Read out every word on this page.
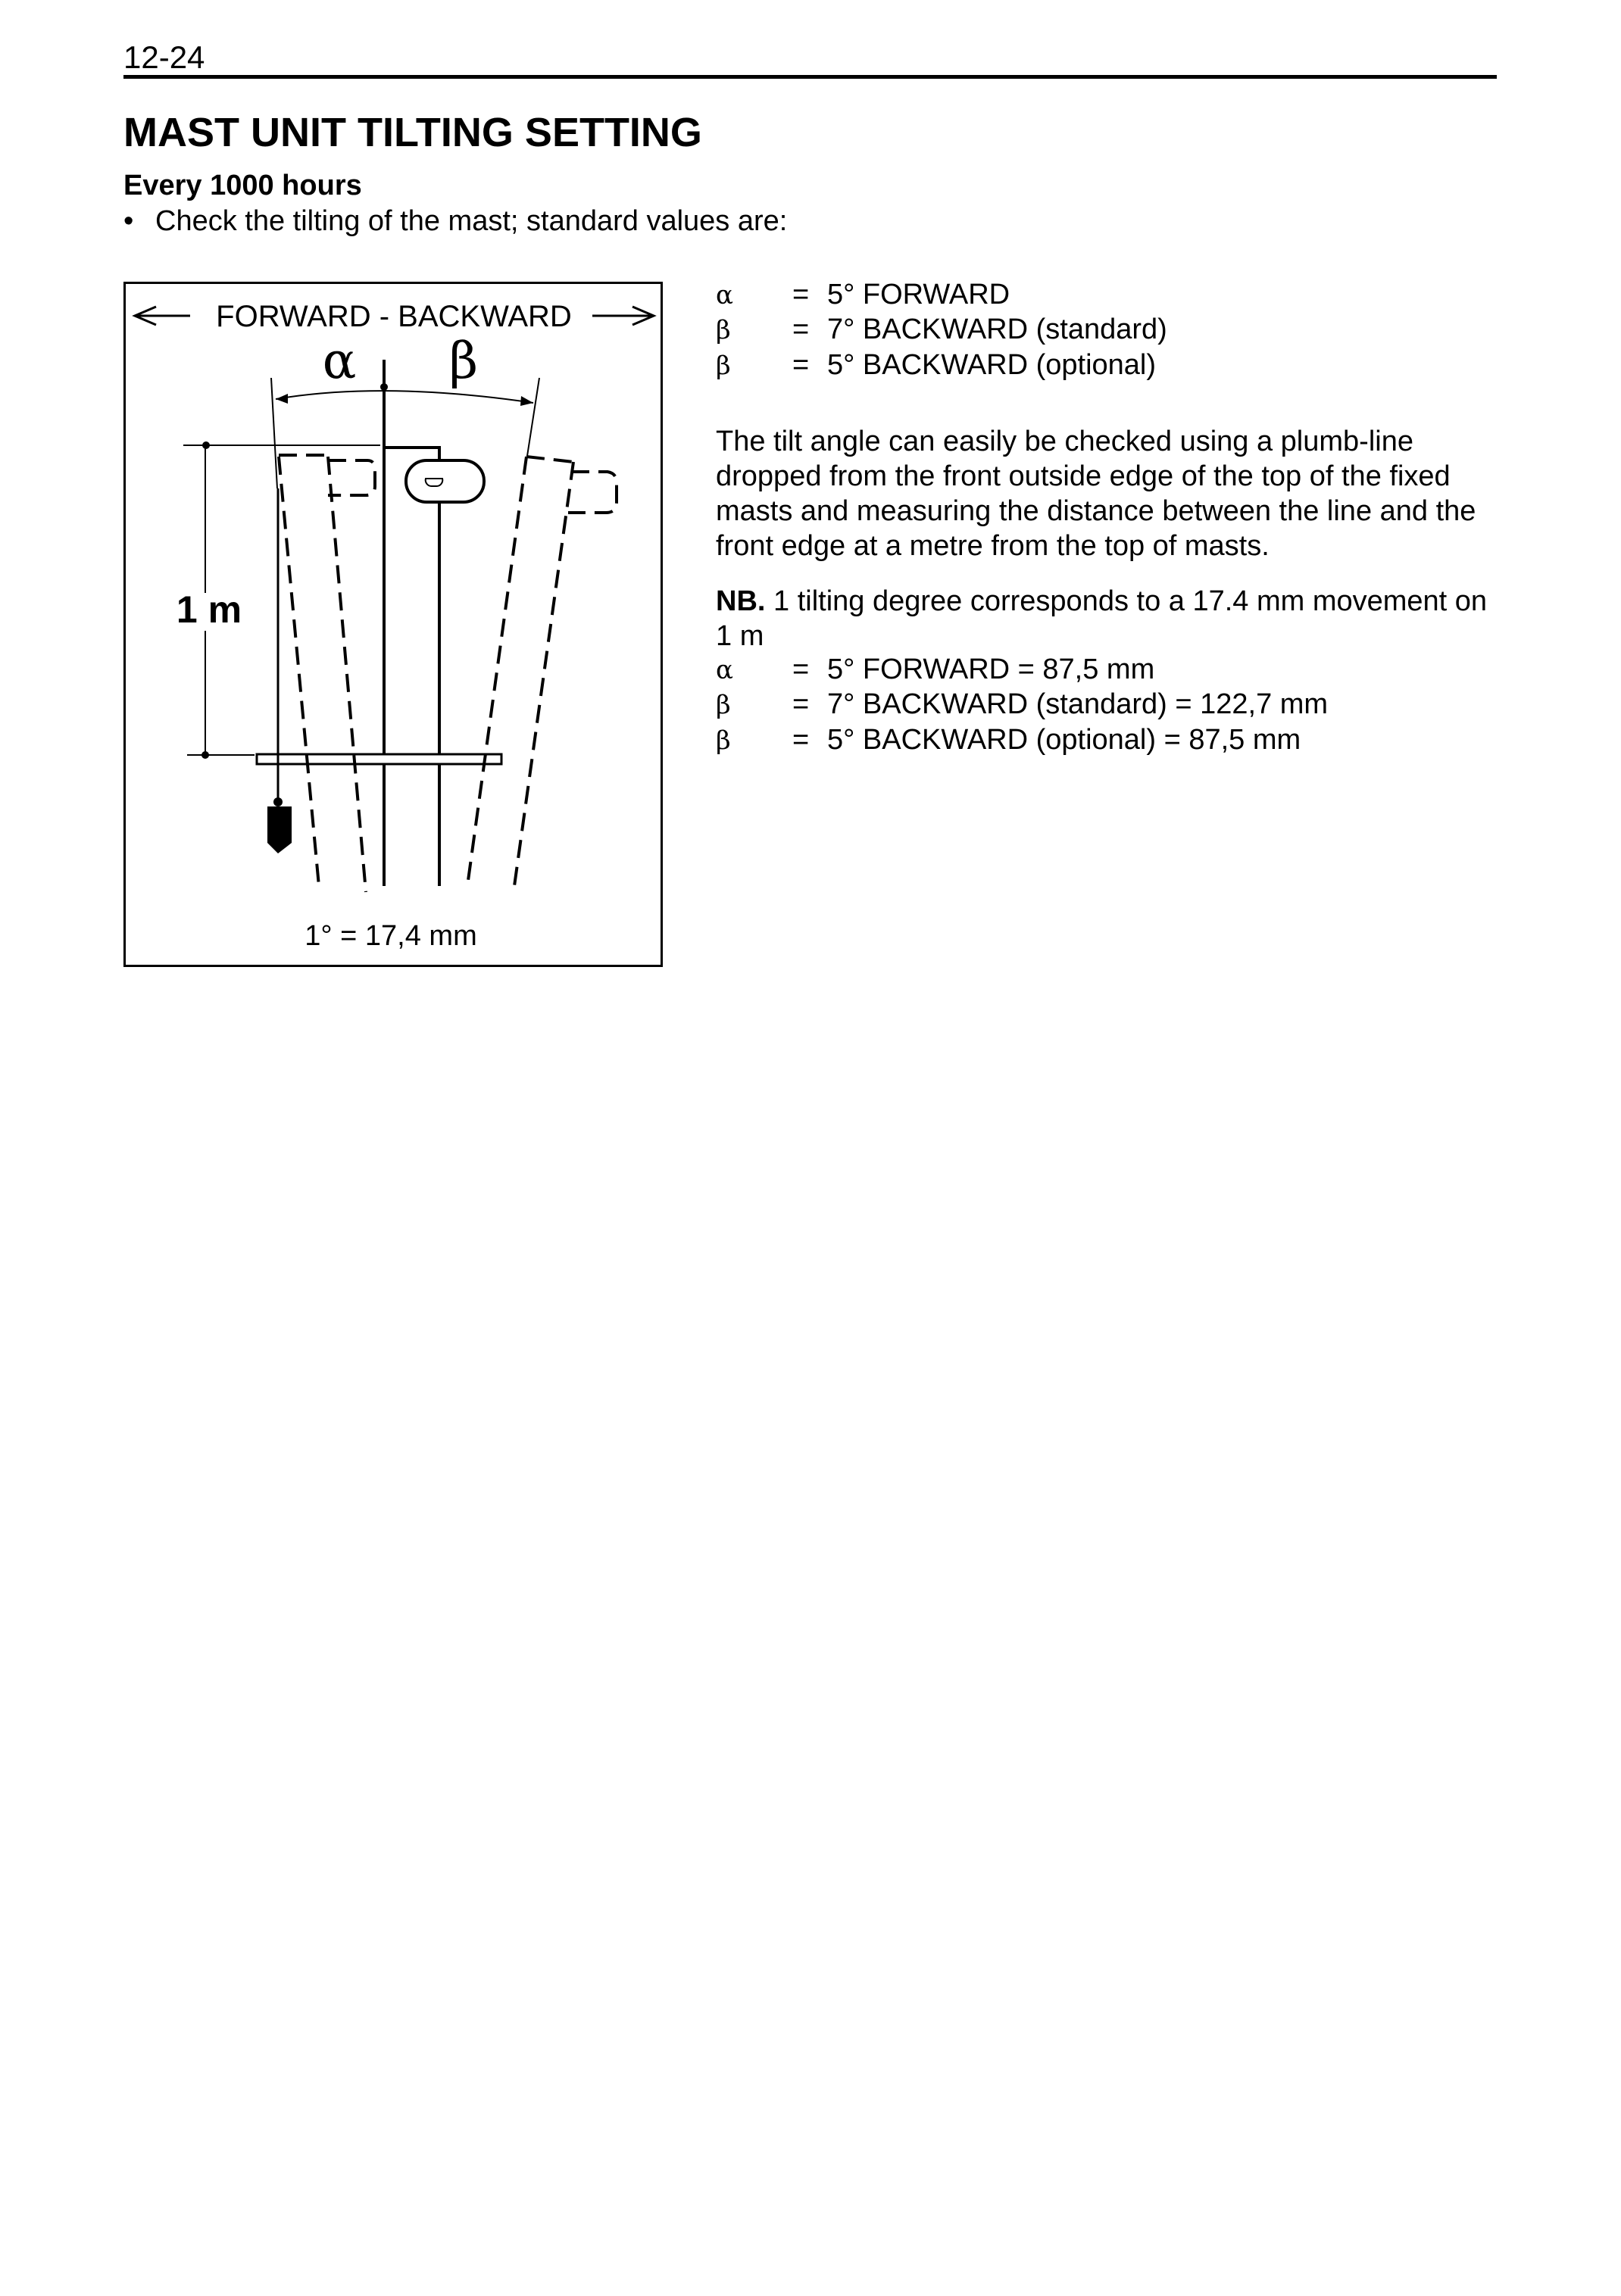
12-24
MAST UNIT TILTING SETTING
Every 1000 hours
• Check the tilting of the mast; standard values are:
FORWARD - BACKWARD
α β
1 m
1° = 17,4 mm
α = 5° FORWARD
β = 7° BACKWARD (standard)
β = 5° BACKWARD (optional)
The tilt angle can easily be checked using a plumb-line dropped from the front outside edge of the top of the fixed masts and measuring the distance between the line and the front edge at a metre from the top of masts.
NB. 1 tilting degree corresponds to a 17.4 mm movement on 1 m
α = 5° FORWARD = 87,5 mm
β = 7° BACKWARD (standard) = 122,7 mm
β = 5° BACKWARD (optional) = 87,5 mm
